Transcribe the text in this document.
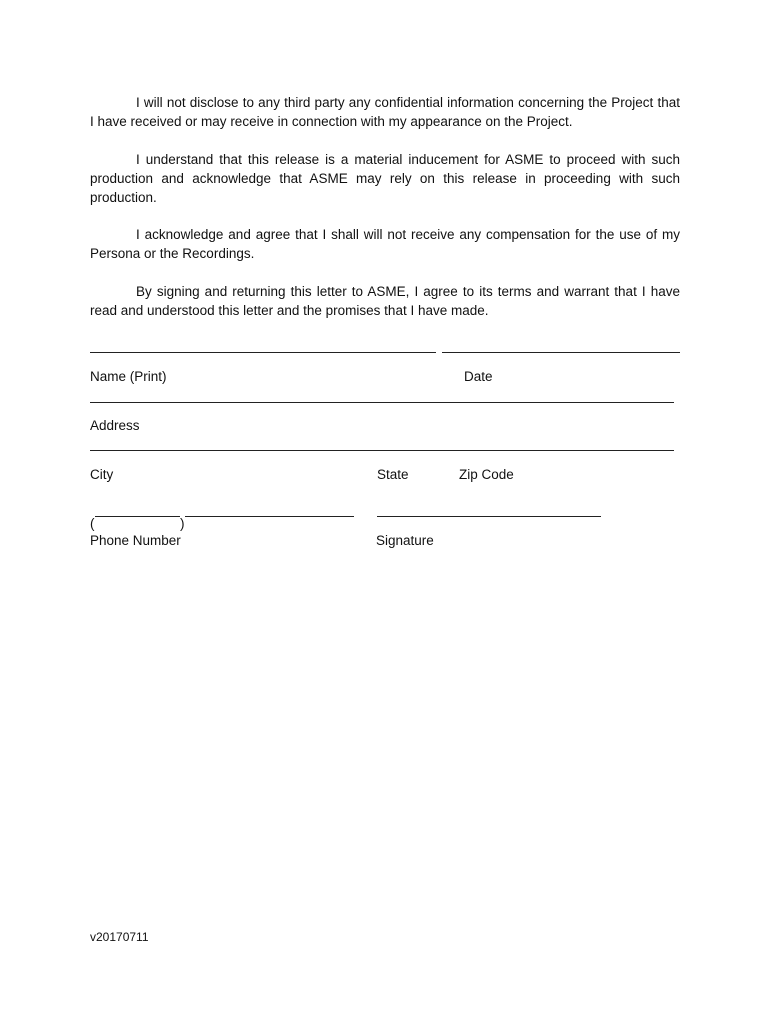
I will not disclose to any third party any confidential information concerning the Project that I have received or may receive in connection with my appearance on the Project.

I understand that this release is a material inducement for ASME to proceed with such production and acknowledge that ASME may rely on this release in proceeding with such production.

I acknowledge and agree that I shall will not receive any compensation for the use of my Persona or the Recordings.

By signing and returning this letter to ASME, I agree to its terms and warrant that I have read and understood this letter and the promises that I have made.

Name (Print)	Date
Address
City	State	Zip Code
(	)
Phone Number	Signature
v20170711
